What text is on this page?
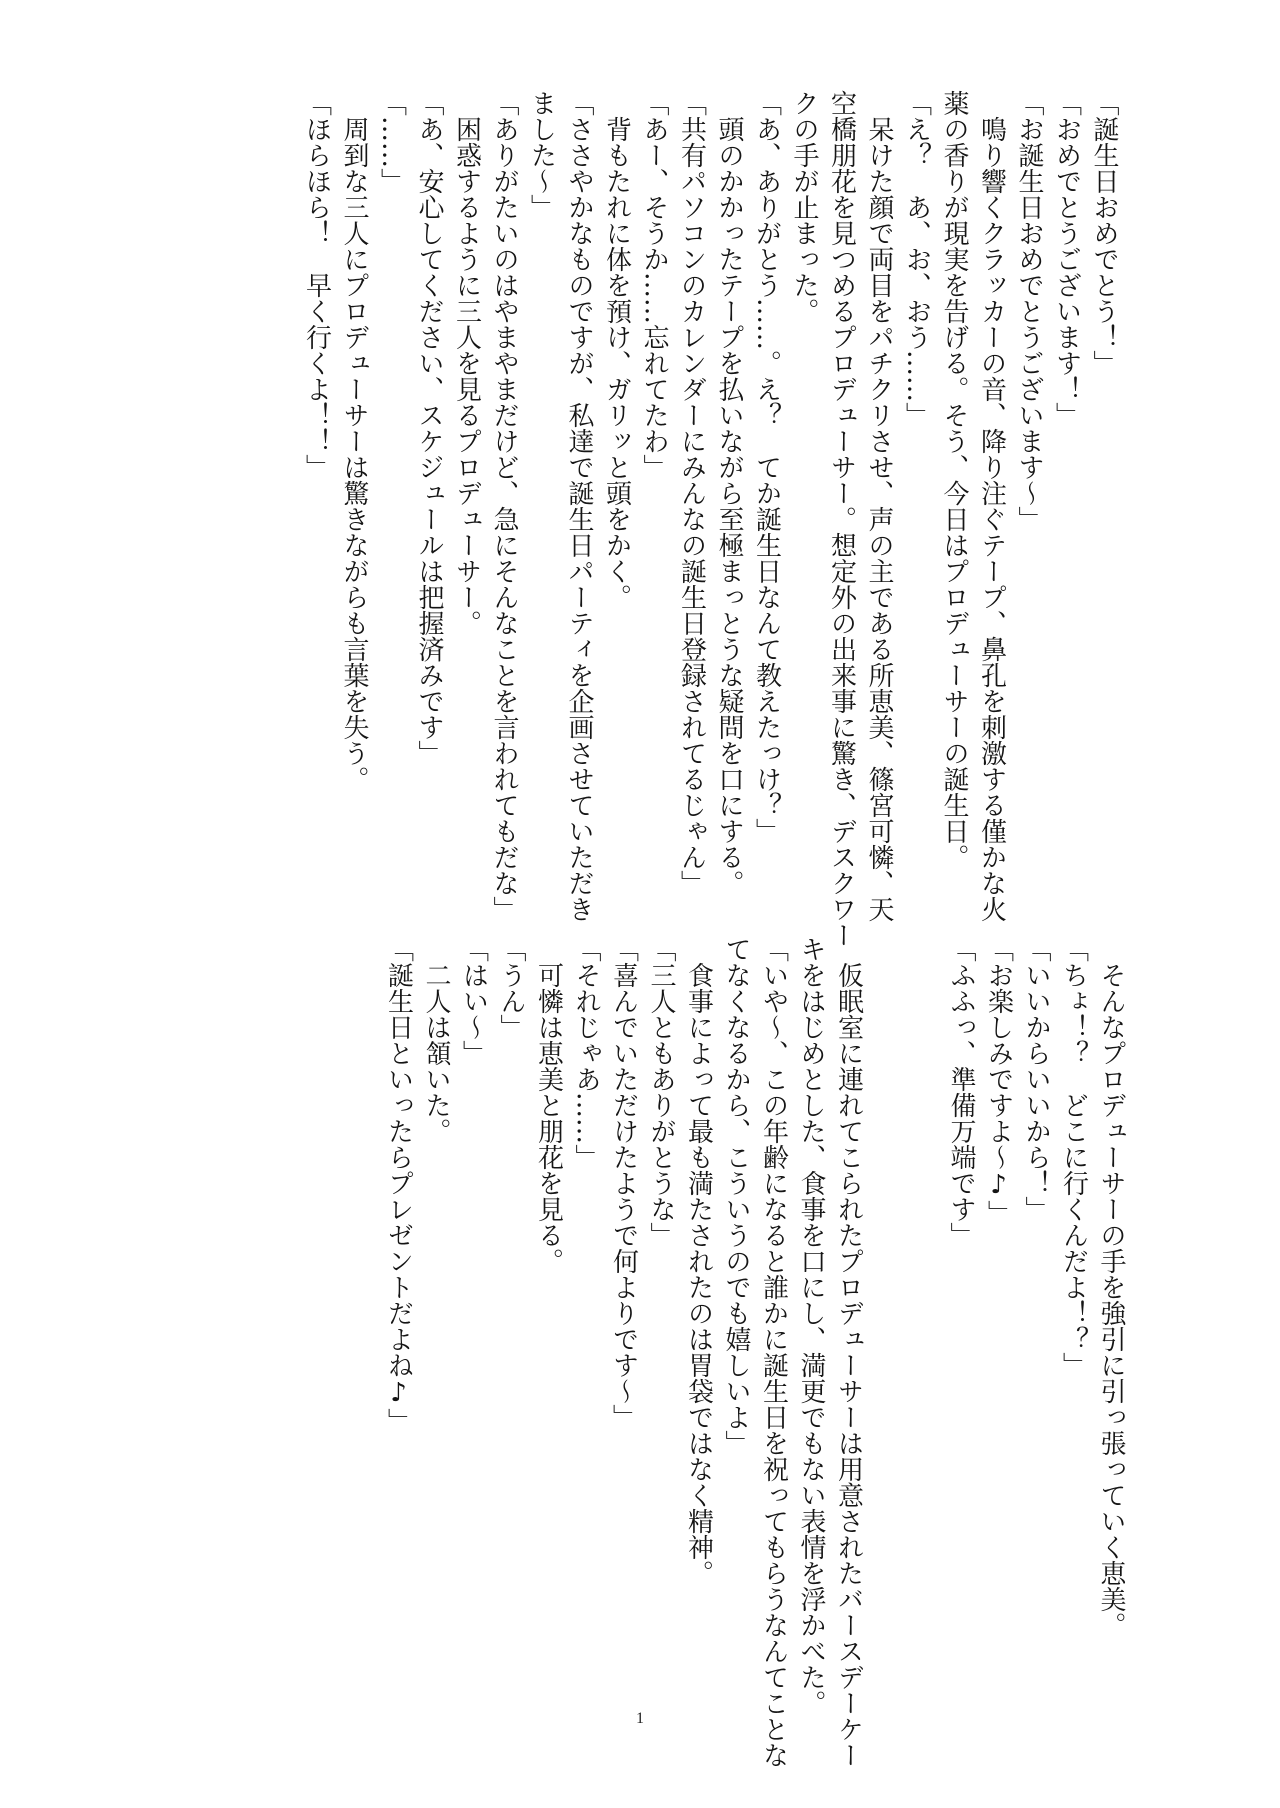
「誕生日おめでとう！」
「おめでとうございます！」
「お誕生日おめでとうございます～」
　鳴り響くクラッカーの音、降り注ぐテープ、鼻孔を刺激する僅かな火
薬の香りが現実を告げる。そう、今日はプロデューサーの誕生日。
「え？　あ、お、おう……」
　呆けた顔で両目をパチクリさせ、声の主である所恵美、篠宮可憐、天
空橋朋花を見つめるプロデューサー。想定外の出来事に驚き、デスクワー
クの手が止まった。
「あ、ありがとう……。え？　てか誕生日なんて教えたっけ？」
　頭のかかったテープを払いながら至極まっとうな疑問を口にする。
「共有パソコンのカレンダーにみんなの誕生日登録されてるじゃん」
「あー、そうか……忘れてたわ」
　背もたれに体を預け、ガリッと頭をかく。
「ささやかなものですが、私達で誕生日パーティを企画させていただき
ました～」
「ありがたいのはやまやまだけど、急にそんなことを言われてもだな」
　困惑するように三人を見るプロデューサー。
「あ、安心してください、スケジュールは把握済みです」
「……」
　周到な三人にプロデューサーは驚きながらも言葉を失う。
「ほらほら！　早く行くよ！！」
　そんなプロデューサーの手を強引に引っ張っていく恵美。
「ちょ！？　どこに行くんだよ！？」
「いいからいいから！」
「お楽しみですよ～♪」
「ふふっ、準備万端です」
　仮眠室に連れてこられたプロデューサーは用意されたバースデーケー
キをはじめとした、食事を口にし、満更でもない表情を浮かべた。
「いや～、この年齢になると誰かに誕生日を祝ってもらうなんてことな
てなくなるから、こういうのでも嬉しいよ」
　食事によって最も満たされたのは胃袋ではなく精神。
「三人ともありがとうな」
「喜んでいただけたようで何よりです～」
「それじゃあ……」
　可憐は恵美と朋花を見る。
「うん」
「はい～」
　二人は頷いた。
「誕生日といったらプレゼントだよね♪」
1
